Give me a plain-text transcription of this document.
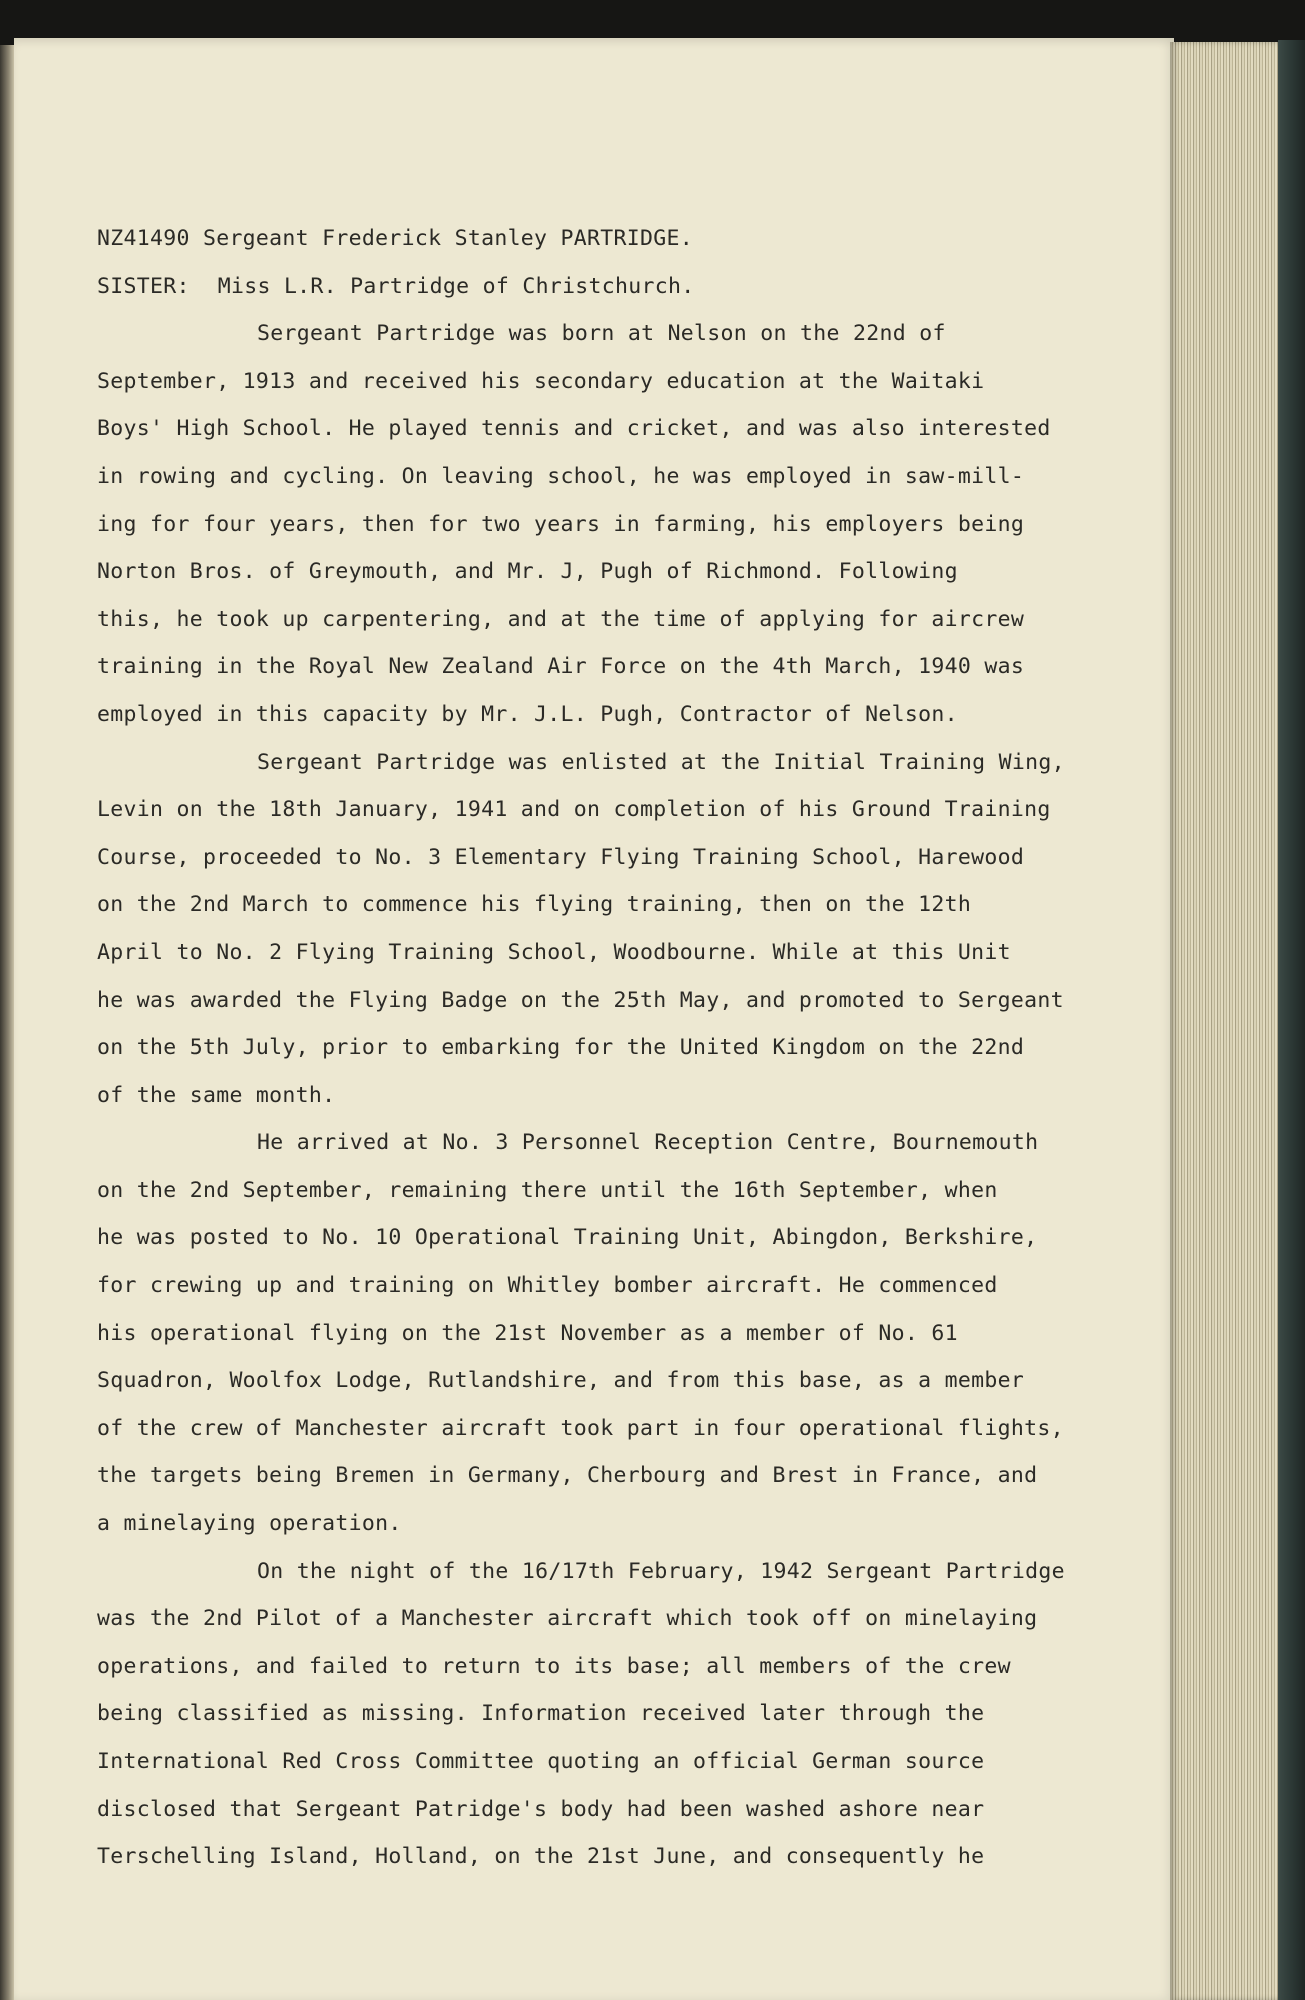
NZ41490 Sergeant Frederick Stanley PARTRIDGE.
SISTER: Miss L.R. Partridge of Christchurch.
Sergeant Partridge was born at Nelson on the 22nd of
September, 1913 and received his secondary education at the Waitaki
Boys' High School. He played tennis and cricket, and was also interested
in rowing and cycling. On leaving school, he was employed in saw-mill-
ing for four years, then for two years in farming, his employers being
Norton Bros. of Greymouth, and Mr. J, Pugh of Richmond. Following
this, he took up carpentering, and at the time of applying for aircrew
training in the Royal New Zealand Air Force on the 4th March, 1940 was
employed in this capacity by Mr. J.L. Pugh, Contractor of Nelson.
Sergeant Partridge was enlisted at the Initial Training Wing,
Levin on the 18th January, 1941 and on completion of his Ground Training
Course, proceeded to No. 3 Elementary Flying Training School, Harewood
on the 2nd March to commence his flying training, then on the 12th
April to No. 2 Flying Training School, Woodbourne. While at this Unit
he was awarded the Flying Badge on the 25th May, and promoted to Sergeant
on the 5th July, prior to embarking for the United Kingdom on the 22nd
of the same month.
He arrived at No. 3 Personnel Reception Centre, Bournemouth
on the 2nd September, remaining there until the 16th September, when
he was posted to No. 10 Operational Training Unit, Abingdon, Berkshire,
for crewing up and training on Whitley bomber aircraft. He commenced
his operational flying on the 21st November as a member of No. 61
Squadron, Woolfox Lodge, Rutlandshire, and from this base, as a member
of the crew of Manchester aircraft took part in four operational flights,
the targets being Bremen in Germany, Cherbourg and Brest in France, and
a minelaying operation.
On the night of the 16/17th February, 1942 Sergeant Partridge
was the 2nd Pilot of a Manchester aircraft which took off on minelaying
operations, and failed to return to its base; all members of the crew
being classified as missing. Information received later through the
International Red Cross Committee quoting an official German source
disclosed that Sergeant Patridge's body had been washed ashore near
Terschelling Island, Holland, on the 21st June, and consequently he
